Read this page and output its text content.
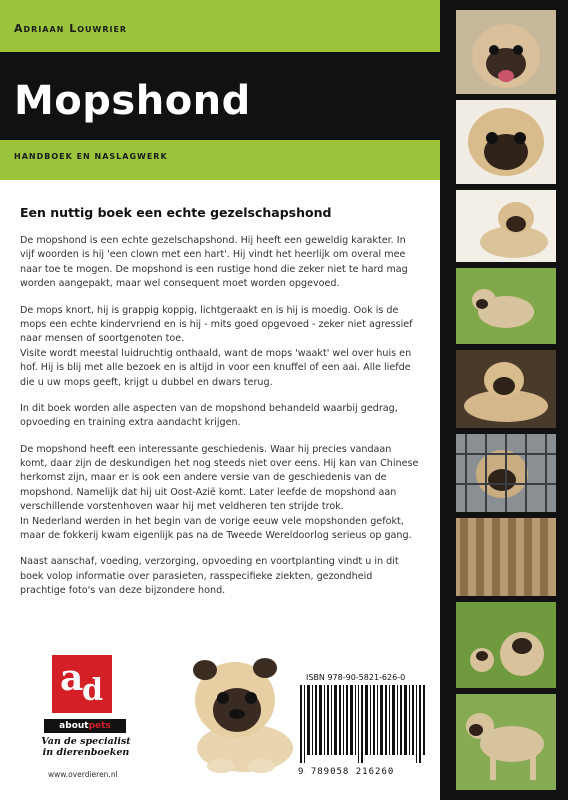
Adriaan Louwrier
Mopshond
HANDBOEK EN NASLAGWERK
Een nuttig boek een echte gezelschapshond
De mopshond is een echte gezelschapshond. Hij heeft een geweldig karakter. In vijf woorden is hij 'een clown met een hart'. Hij vindt het heerlijk om overal mee naar toe te mogen. De mopshond is een rustige hond die zeker niet te hard mag worden aangepakt, maar wel consequent moet worden opgevoed.
De mops knort, hij is grappig koppig, lichtgeraakt en is hij is moedig. Ook is de mops een echte kindervriend en is hij - mits goed opgevoed - zeker niet agressief naar mensen of soortgenoten toe.
Visite wordt meestal luidruchtig onthaald, want de mops 'waakt' wel over huis en hof. Hij is blij met alle bezoek en is altijd in voor een knuffel of een aai. Alle liefde die u uw mops geeft, krijgt u dubbel en dwars terug.
In dit boek worden alle aspecten van de mopshond behandeld waarbij gedrag, opvoeding en training extra aandacht krijgen.
De mopshond heeft een interessante geschiedenis. Waar hij precies vandaan komt, daar zijn de deskundigen het nog steeds niet over eens. Hij kan van Chinese herkomst zijn, maar er is ook een andere versie van de geschiedenis van de mopshond. Namelijk dat hij uit Oost-Azië komt. Later leefde de mopshond aan verschillende vorstenhoven waar hij met veldheren ten strijde trok.
In Nederland werden in het begin van de vorige eeuw vele mopshonden gefokt, maar de fokkerij kwam eigenlijk pas na de Tweede Wereldoorlog serieus op gang.
Naast aanschaf, voeding, verzorging, opvoeding en voortplanting vindt u in dit boek volop informatie over parasieten, rasspecifieke ziekten, gezondheid prachtige foto's van deze bijzondere hond.
a
d
aboutpets
Van de specialist in dierenboeken
www.overdieren.nl
ISBN 978-90-5821-626-0
9 789058 216260
